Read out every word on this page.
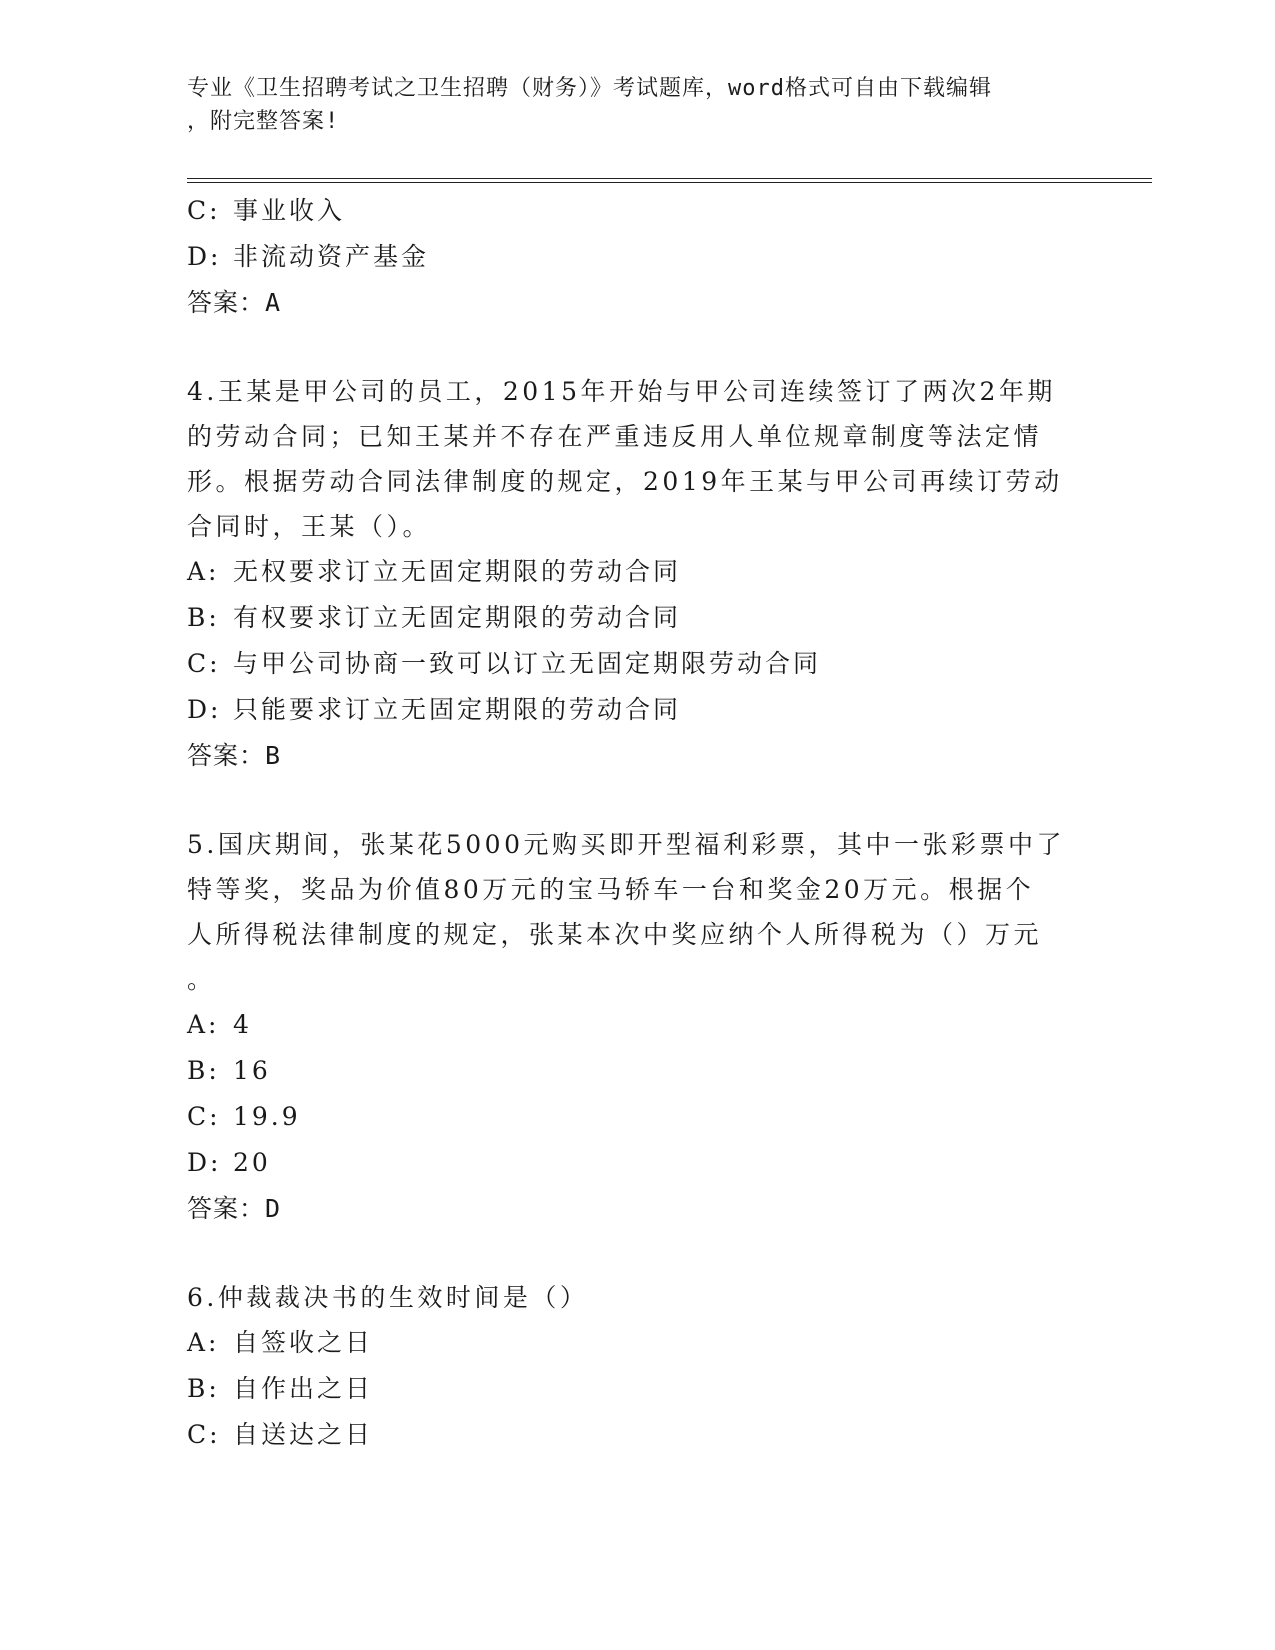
专业《卫生招聘考试之卫生招聘（财务）》考试题库，word格式可自由下载编辑
，附完整答案!
C: 事业收入
D: 非流动资产基金
答案：A
4.王某是甲公司的员工，2015年开始与甲公司连续签订了两次2年期
的劳动合同；已知王某并不存在严重违反用人单位规章制度等法定情
形。根据劳动合同法律制度的规定，2019年王某与甲公司再续订劳动
合同时，王某（）。
A: 无权要求订立无固定期限的劳动合同
B: 有权要求订立无固定期限的劳动合同
C: 与甲公司协商一致可以订立无固定期限劳动合同
D: 只能要求订立无固定期限的劳动合同
答案：B
5.国庆期间，张某花5000元购买即开型福利彩票，其中一张彩票中了
特等奖，奖品为价值80万元的宝马轿车一台和奖金20万元。根据个
人所得税法律制度的规定，张某本次中奖应纳个人所得税为（）万元
。
A: 4
B: 16
C: 19.9
D: 20
答案：D
6.仲裁裁决书的生效时间是（）
A: 自签收之日
B: 自作出之日
C: 自送达之日
